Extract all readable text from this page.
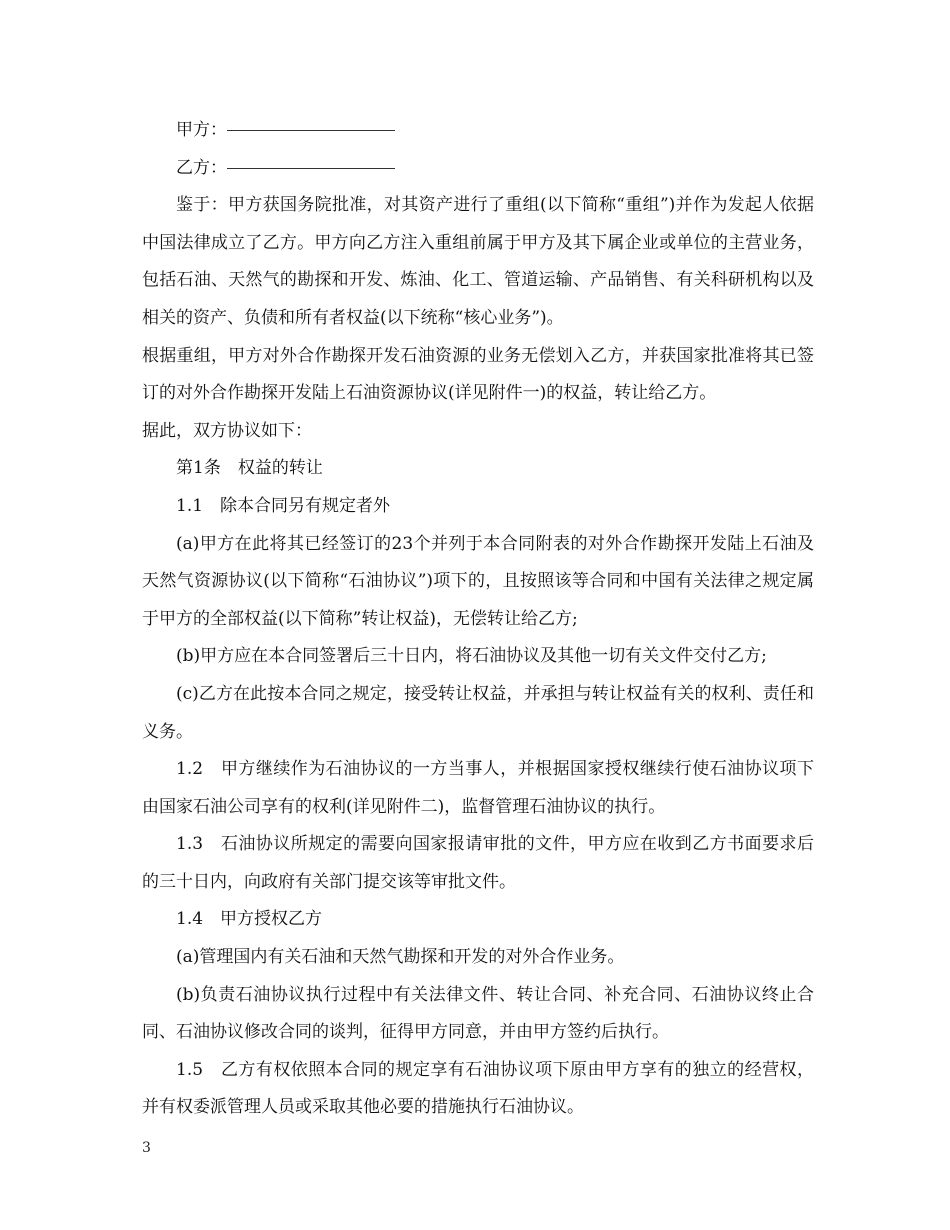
甲方：

乙方：

鉴于：甲方获国务院批准，对其资产进行了重组(以下简称“重组”)并作为发起人依据中国法律成立了乙方。甲方向乙方注入重组前属于甲方及其下属企业或单位的主营业务，包括石油、天然气的勘探和开发、炼油、化工、管道运输、产品销售、有关科研机构以及相关的资产、负债和所有者权益(以下统称“核心业务”)。

根据重组，甲方对外合作勘探开发石油资源的业务无偿划入乙方，并获国家批准将其已签订的对外合作勘探开发陆上石油资源协议(详见附件一)的权益，转让给乙方。

据此，双方协议如下：

第1条　权益的转让

1.1　除本合同另有规定者外

(a)甲方在此将其已经签订的23个并列于本合同附表的对外合作勘探开发陆上石油及天然气资源协议(以下简称“石油协议”)项下的，且按照该等合同和中国有关法律之规定属于甲方的全部权益(以下简称”转让权益)，无偿转让给乙方;

(b)甲方应在本合同签署后三十日内，将石油协议及其他一切有关文件交付乙方;

(c)乙方在此按本合同之规定，接受转让权益，并承担与转让权益有关的权利、责任和义务。

1.2　甲方继续作为石油协议的一方当事人，并根据国家授权继续行使石油协议项下由国家石油公司享有的权利(详见附件二)，监督管理石油协议的执行。

1.3　石油协议所规定的需要向国家报请审批的文件，甲方应在收到乙方书面要求后的三十日内，向政府有关部门提交该等审批文件。

1.4　甲方授权乙方

(a)管理国内有关石油和天然气勘探和开发的对外合作业务。

(b)负责石油协议执行过程中有关法律文件、转让合同、补充合同、石油协议终止合同、石油协议修改合同的谈判，征得甲方同意，并由甲方签约后执行。

1.5　乙方有权依照本合同的规定享有石油协议项下原由甲方享有的独立的经营权，并有权委派管理人员或采取其他必要的措施执行石油协议。

3
